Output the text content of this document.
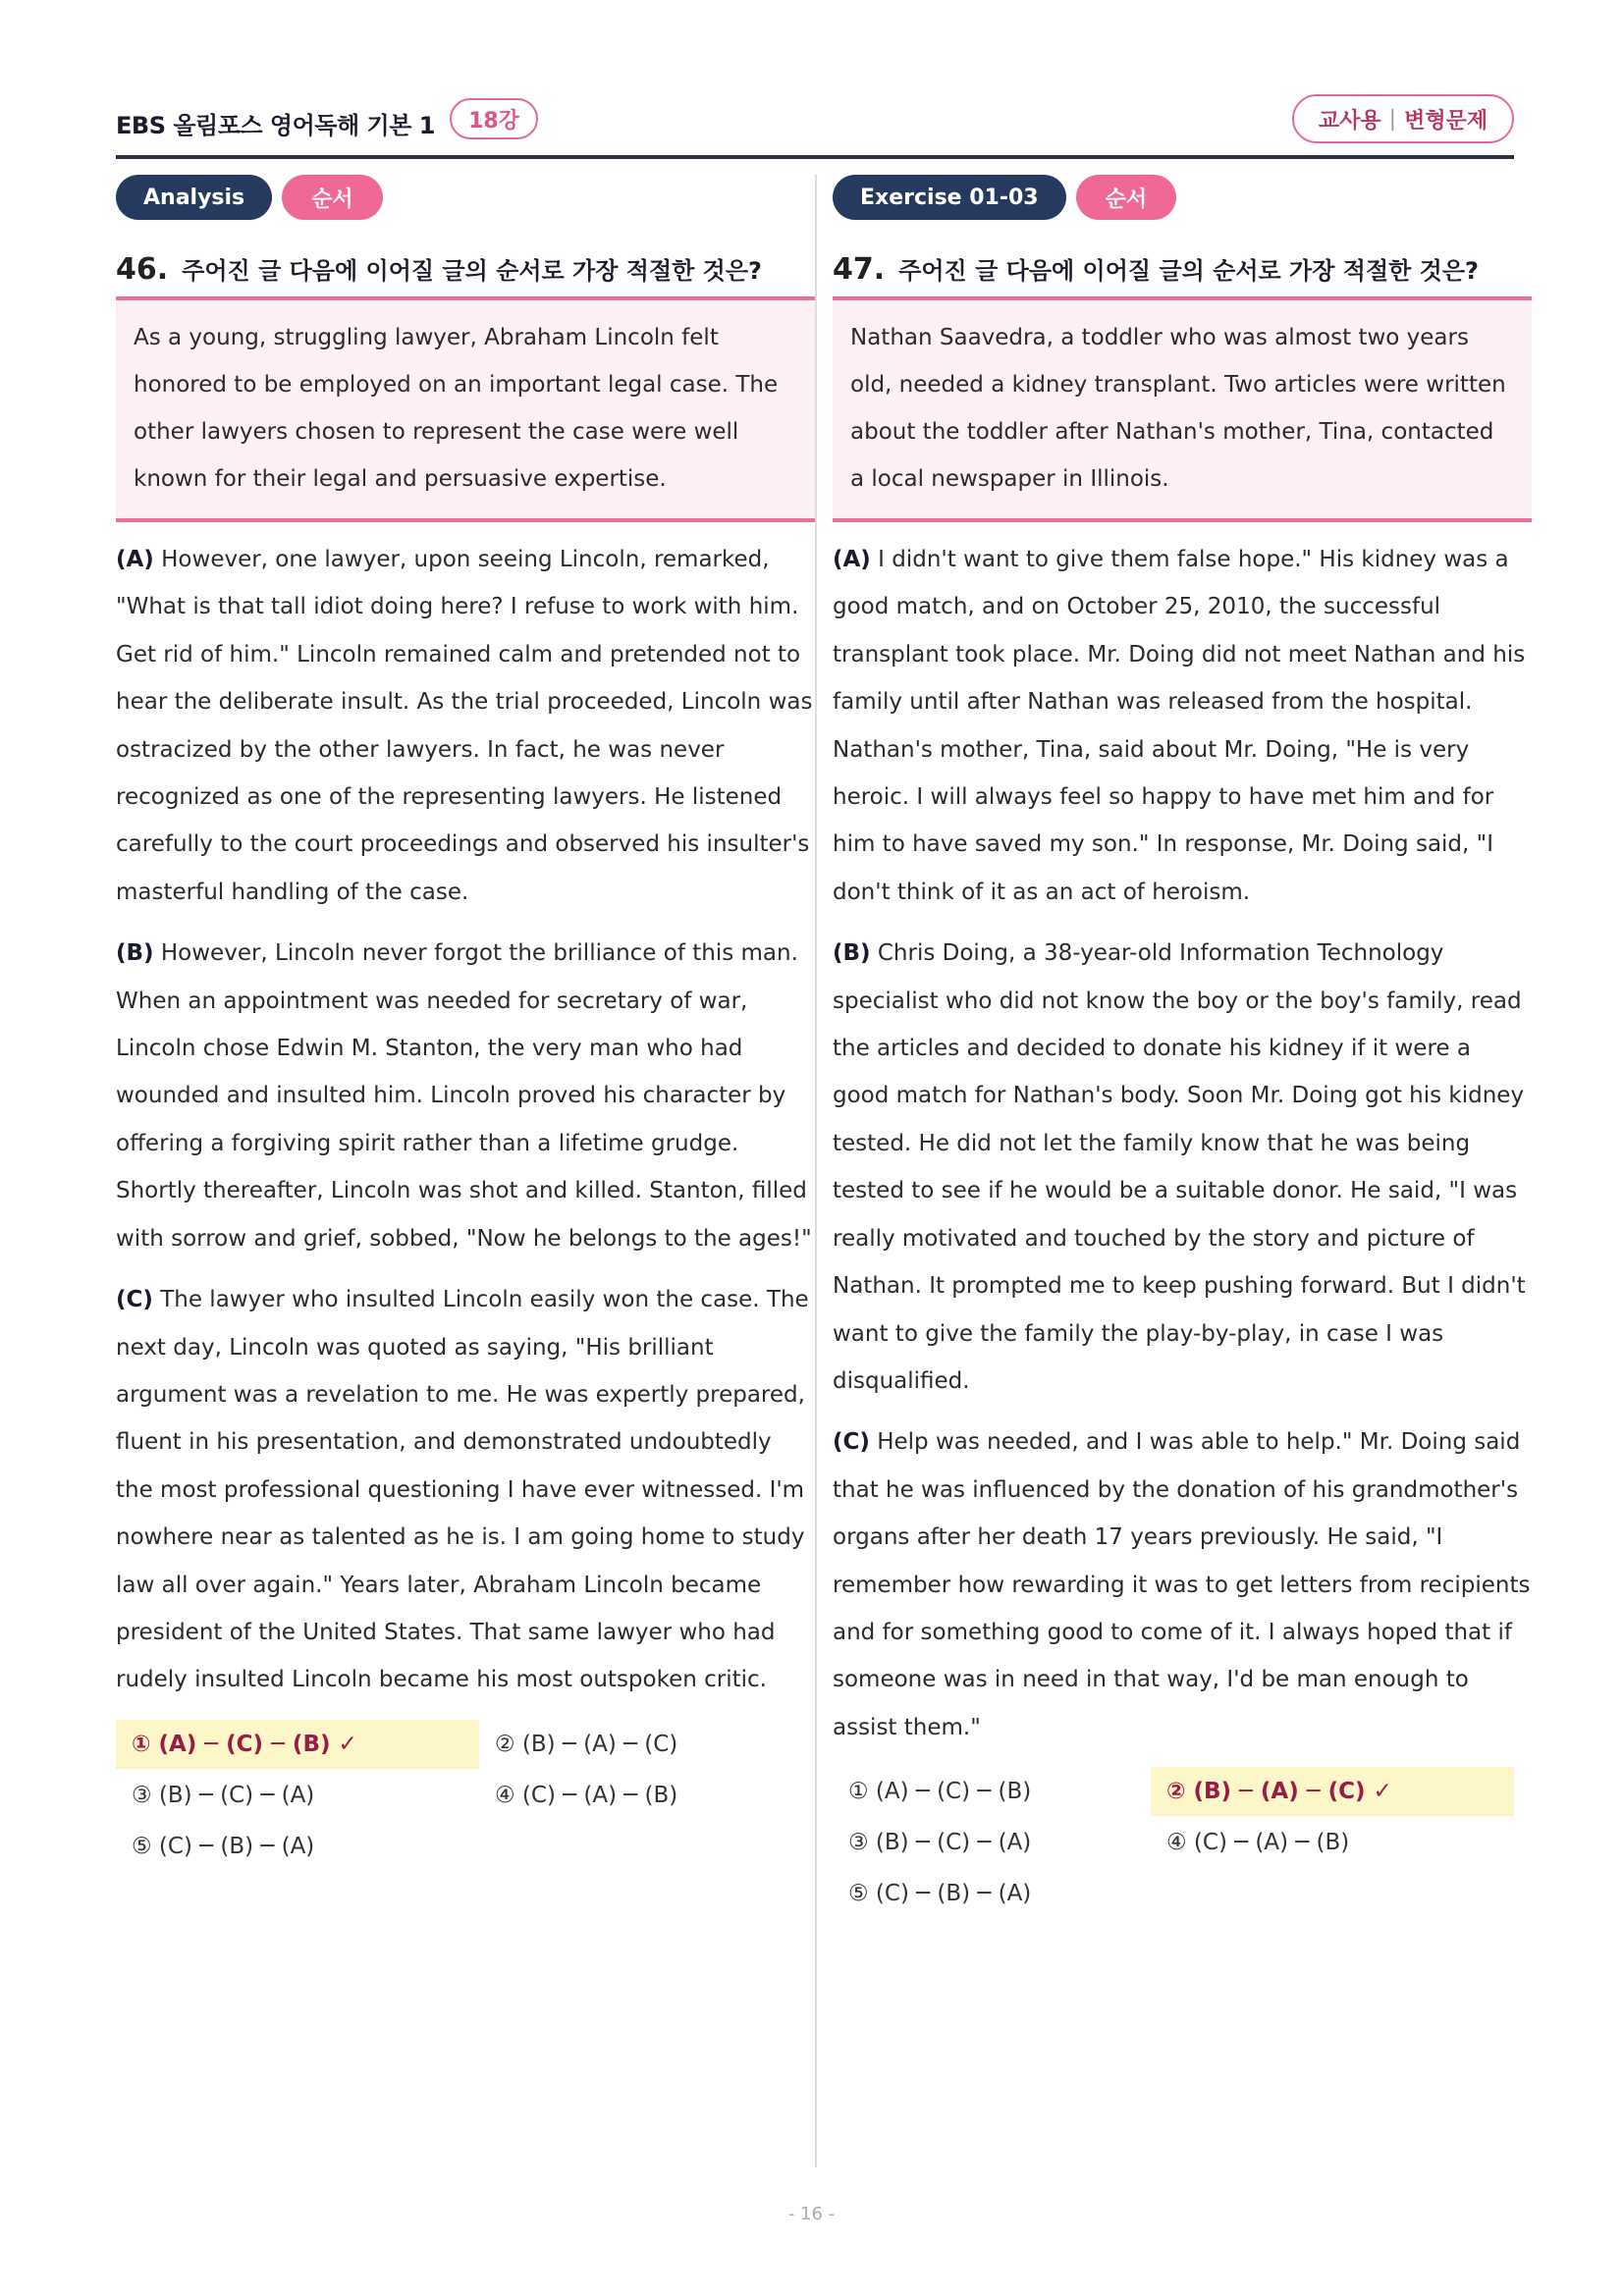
EBS 올림포스 영어독해 기본 1	18강	교사용 | 변형문제
Analysis	순서
46. 주어진 글 다음에 이어질 글의 순서로 가장 적절한 것은?
As a young, struggling lawyer, Abraham Lincoln felt honored to be employed on an important legal case. The other lawyers chosen to represent the case were well known for their legal and persuasive expertise.
(A) However, one lawyer, upon seeing Lincoln, remarked, "What is that tall idiot doing here? I refuse to work with him. Get rid of him." Lincoln remained calm and pretended not to hear the deliberate insult. As the trial proceeded, Lincoln was ostracized by the other lawyers. In fact, he was never recognized as one of the representing lawyers. He listened carefully to the court proceedings and observed his insulter's masterful handling of the case.
(B) However, Lincoln never forgot the brilliance of this man. When an appointment was needed for secretary of war, Lincoln chose Edwin M. Stanton, the very man who had wounded and insulted him. Lincoln proved his character by offering a forgiving spirit rather than a lifetime grudge. Shortly thereafter, Lincoln was shot and killed. Stanton, filled with sorrow and grief, sobbed, "Now he belongs to the ages!"
(C) The lawyer who insulted Lincoln easily won the case. The next day, Lincoln was quoted as saying, "His brilliant argument was a revelation to me. He was expertly prepared, fluent in his presentation, and demonstrated undoubtedly the most professional questioning I have ever witnessed. I'm nowhere near as talented as he is. I am going home to study law all over again." Years later, Abraham Lincoln became president of the United States. That same lawyer who had rudely insulted Lincoln became his most outspoken critic.
① (A) ─ (C) ─ (B) ✓	② (B) ─ (A) ─ (C)
③ (B) ─ (C) ─ (A)	④ (C) ─ (A) ─ (B)
⑤ (C) ─ (B) ─ (A)
Exercise 01-03	순서
47. 주어진 글 다음에 이어질 글의 순서로 가장 적절한 것은?
Nathan Saavedra, a toddler who was almost two years old, needed a kidney transplant. Two articles were written about the toddler after Nathan's mother, Tina, contacted a local newspaper in Illinois.
(A) I didn't want to give them false hope." His kidney was a good match, and on October 25, 2010, the successful transplant took place. Mr. Doing did not meet Nathan and his family until after Nathan was released from the hospital. Nathan's mother, Tina, said about Mr. Doing, "He is very heroic. I will always feel so happy to have met him and for him to have saved my son." In response, Mr. Doing said, "I don't think of it as an act of heroism.
(B) Chris Doing, a 38-year-old Information Technology specialist who did not know the boy or the boy's family, read the articles and decided to donate his kidney if it were a good match for Nathan's body. Soon Mr. Doing got his kidney tested. He did not let the family know that he was being tested to see if he would be a suitable donor. He said, "I was really motivated and touched by the story and picture of Nathan. It prompted me to keep pushing forward. But I didn't want to give the family the play-by-play, in case I was disqualified.
(C) Help was needed, and I was able to help." Mr. Doing said that he was influenced by the donation of his grandmother's organs after her death 17 years previously. He said, "I remember how rewarding it was to get letters from recipients and for something good to come of it. I always hoped that if someone was in need in that way, I'd be man enough to assist them."
① (A) ─ (C) ─ (B)	② (B) ─ (A) ─ (C) ✓
③ (B) ─ (C) ─ (A)	④ (C) ─ (A) ─ (B)
⑤ (C) ─ (B) ─ (A)
- 16 -
